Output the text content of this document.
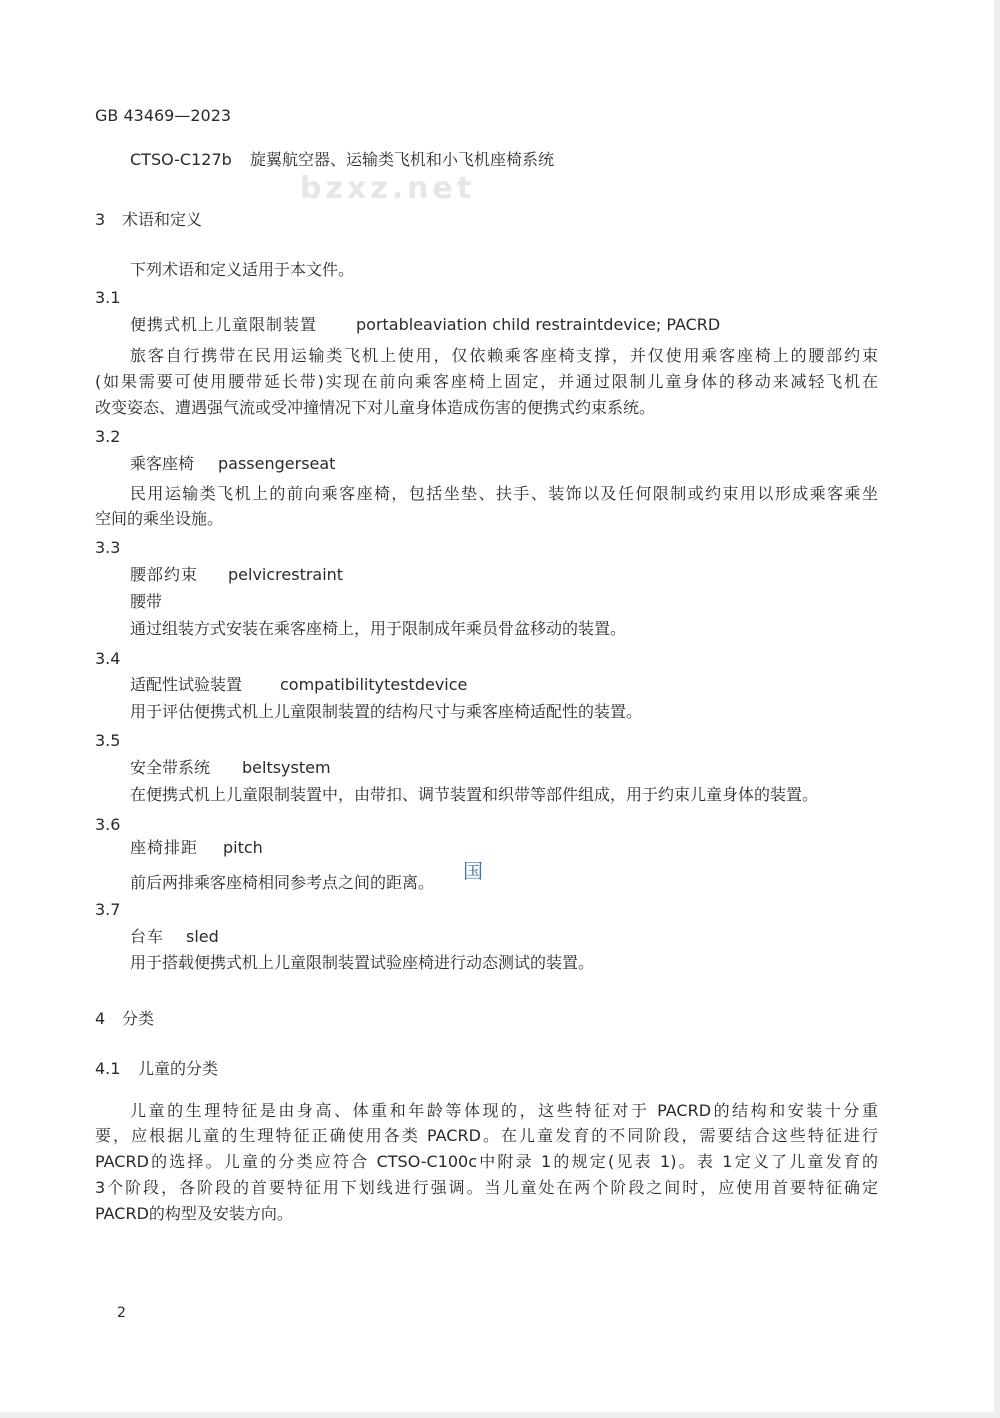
bzxz.net
GB 43469—2023
CTSO-C127b 旋翼航空器、运输类飞机和小飞机座椅系统
3 术语和定义
下列术语和定义适用于本文件。
3.1
便携式机上儿童限制装置 portableaviation child restraintdevice; PACRD
旅客自行携带在民用运输类飞机上使用，仅依赖乘客座椅支撑，并仅使用乘客座椅上的腰部约束
(如果需要可使用腰带延长带)实现在前向乘客座椅上固定，并通过限制儿童身体的移动来减轻飞机在
改变姿态、遭遇强气流或受冲撞情况下对儿童身体造成伤害的便携式约束系统。
3.2
乘客座椅 passengerseat
民用运输类飞机上的前向乘客座椅，包括坐垫、扶手、装饰以及任何限制或约束用以形成乘客乘坐
空间的乘坐设施。
3.3
腰部约束 pelvicrestraint
腰带
通过组装方式安装在乘客座椅上，用于限制成年乘员骨盆移动的装置。
3.4
适配性试验装置 compatibilitytestdevice
用于评估便携式机上儿童限制装置的结构尺寸与乘客座椅适配性的装置。
3.5
安全带系统 beltsystem
在便携式机上儿童限制装置中，由带扣、调节装置和织带等部件组成，用于约束儿童身体的装置。
3.6
座椅排距 pitch
前后两排乘客座椅相同参考点之间的距离。 国
3.7
台车 sled
用于搭载便携式机上儿童限制装置试验座椅进行动态测试的装置。
4 分类
4.1 儿童的分类
儿童的生理特征是由身高、体重和年龄等体现的，这些特征对于 PACRD的结构和安装十分重
要，应根据儿童的生理特征正确使用各类 PACRD。在儿童发育的不同阶段，需要结合这些特征进行
PACRD的选择。儿童的分类应符合 CTSO-C100c中附录 1的规定(见表 1)。表 1定义了儿童发育的
3个阶段，各阶段的首要特征用下划线进行强调。当儿童处在两个阶段之间时，应使用首要特征确定
PACRD的构型及安装方向。
2
